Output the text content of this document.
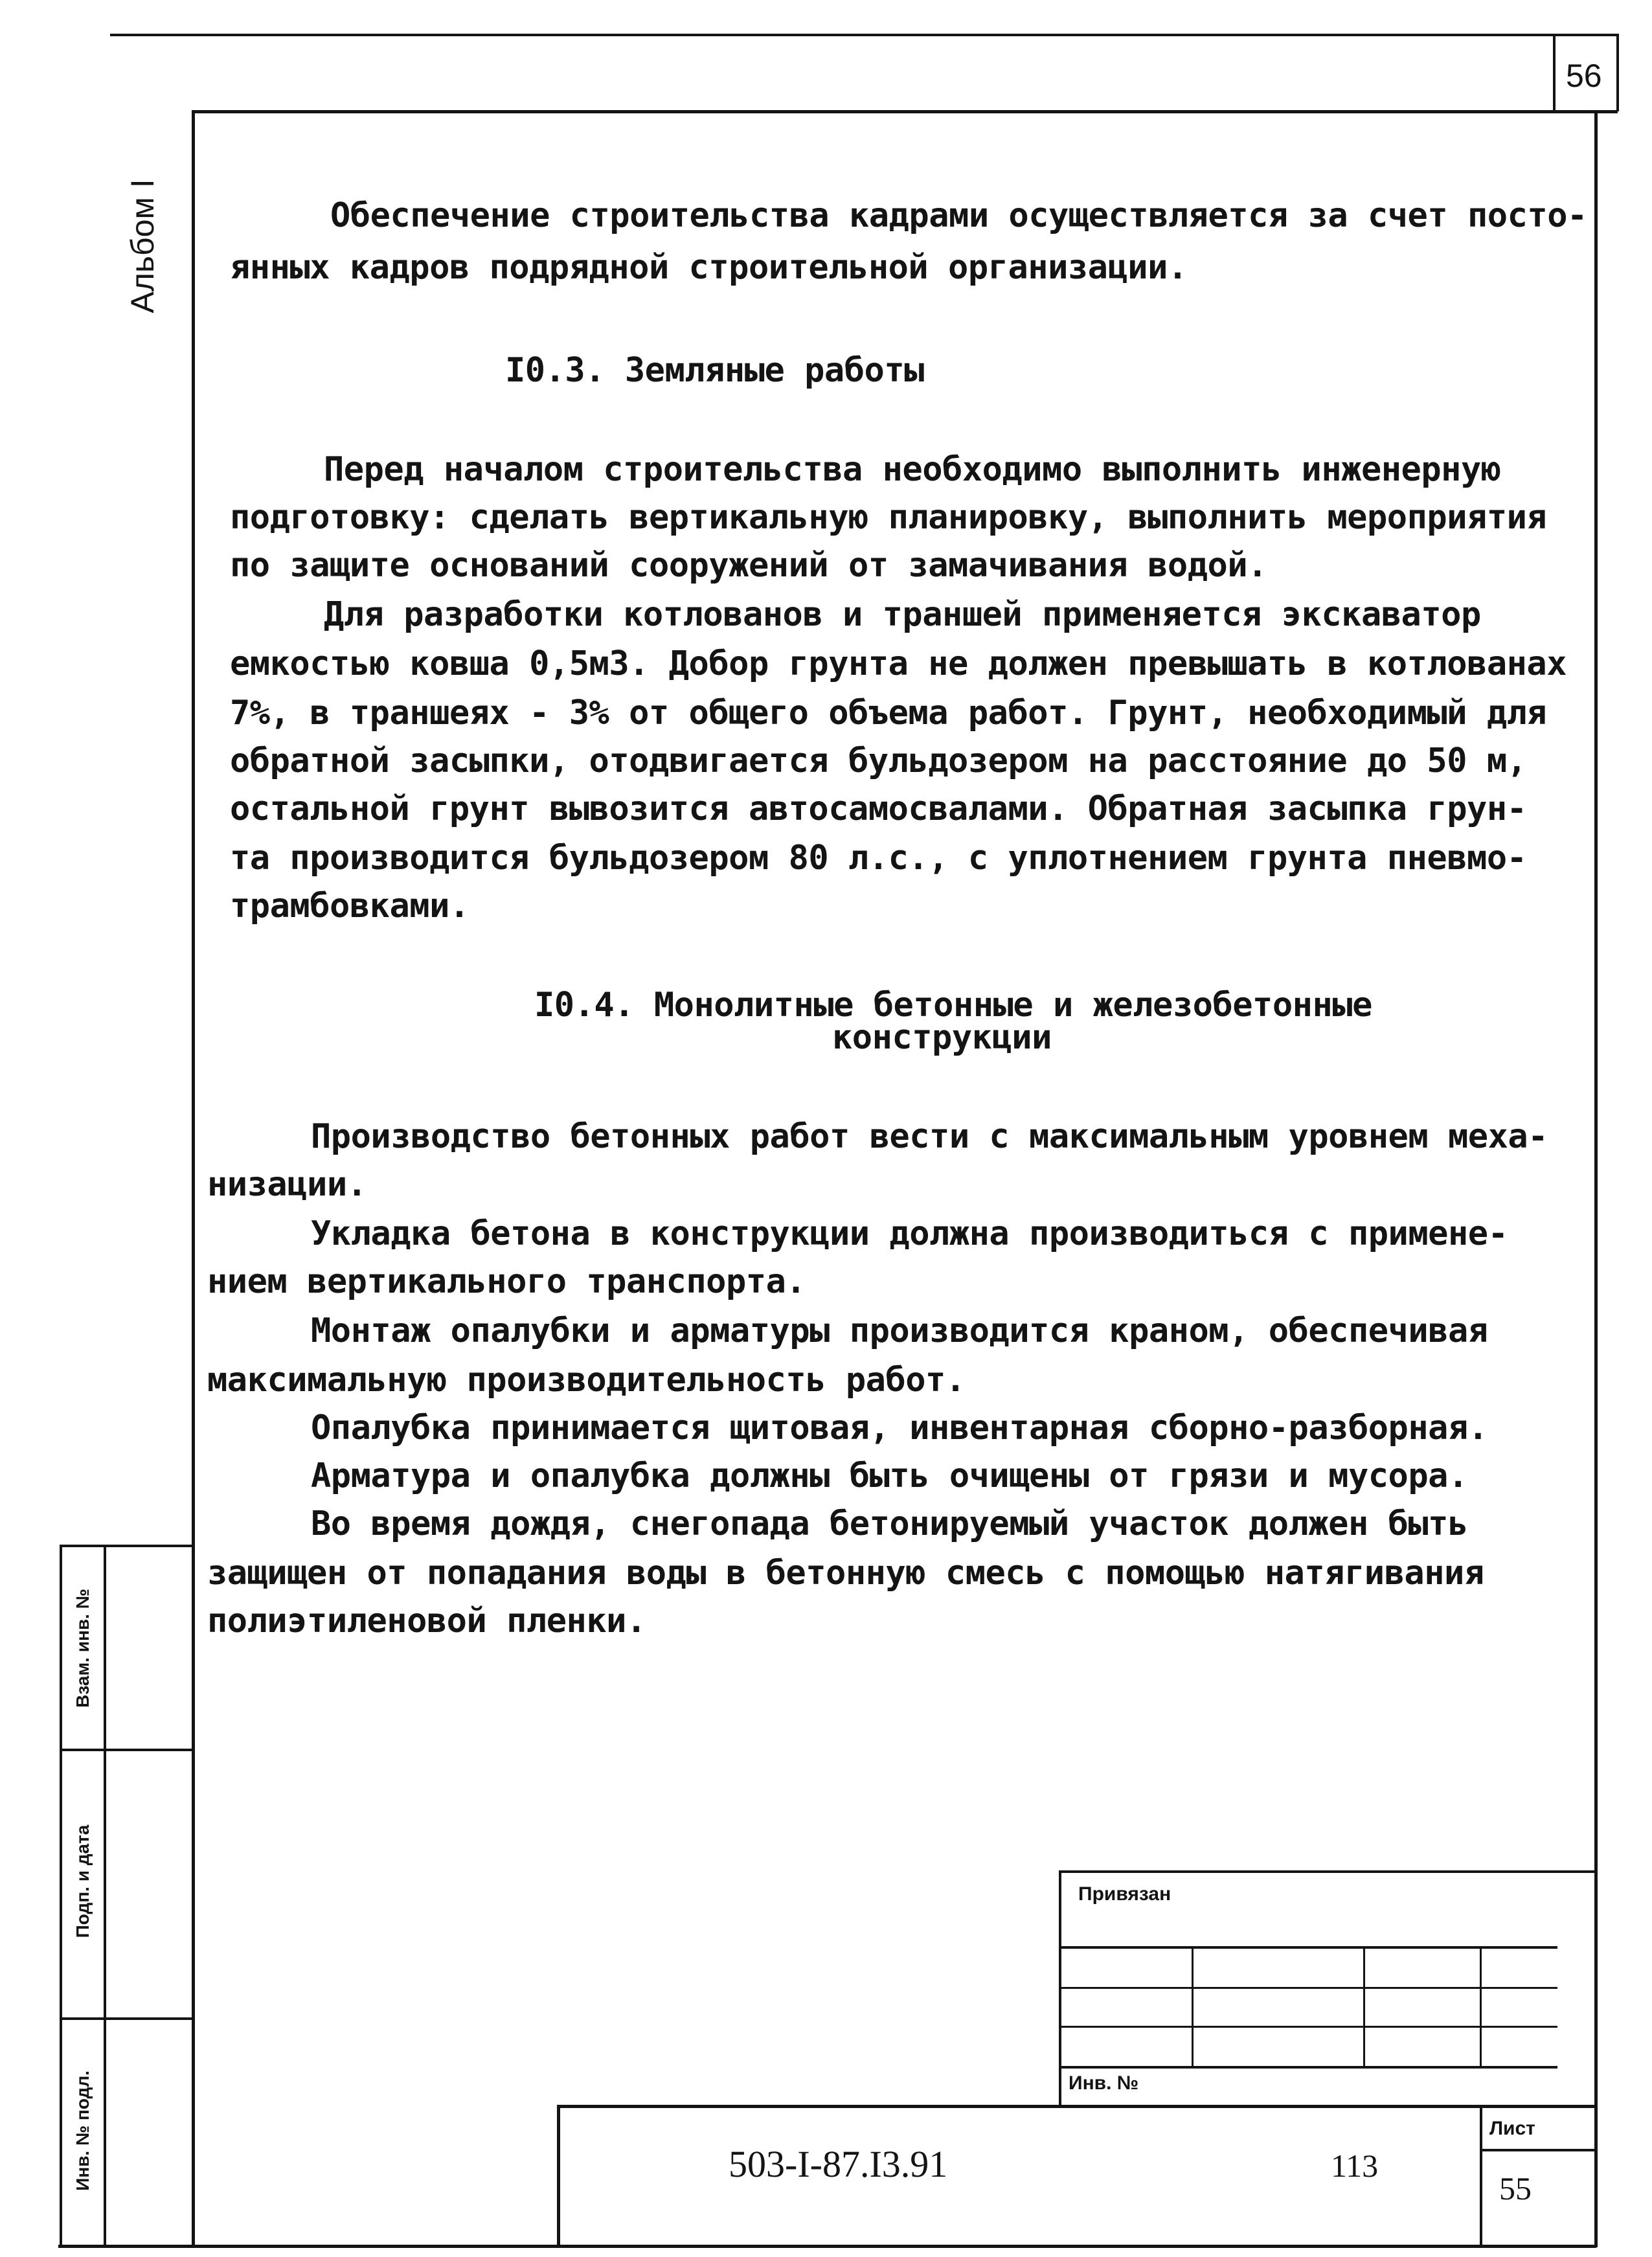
56
Альбом I	Обеспечение строительства кадрами осуществляется за счет посто-
янных кадров подрядной строительной организации.
I0.3. Земляные работы
Перед началом строительства необходимо выполнить инженерную
подготовку: сделать вертикальную планировку, выполнить мероприятия
по защите оснований сооружений от замачивания водой.
Для разработки котлованов и траншей применяется экскаватор
емкостью ковша 0,5м3. Добор грунта не должен превышать в котлованах
7%, в траншеях - 3% от общего объема работ. Грунт, необходимый для
обратной засыпки, отодвигается бульдозером на расстояние до 50 м,
остальной грунт вывозится автосамосвалами. Обратная засыпка грун-
та производится бульдозером 80 л.с., с уплотнением грунта пневмо-
трамбовками.
I0.4. Монолитные бетонные и железобетонные
конструкции
Производство бетонных работ вести с максимальным уровнем меха-
низации.
Укладка бетона в конструкции должна производиться с примене-
нием вертикального транспорта.
Монтаж опалубки и арматуры производится краном, обеспечивая
максимальную производительность работ.
Опалубка принимается щитовая, инвентарная сборно-разборная.
Арматура и опалубка должны быть очищены от грязи и мусора.
Во время дождя, снегопада бетонируемый участок должен быть
защищен от попадания воды в бетонную смесь с помощью натягивания
полиэтиленовой пленки.
Взам. инв. №
Подп. и дата
Инв. № подл.
Привязан
Инв. №
503-I-87.I3.91	113
Лист
55
